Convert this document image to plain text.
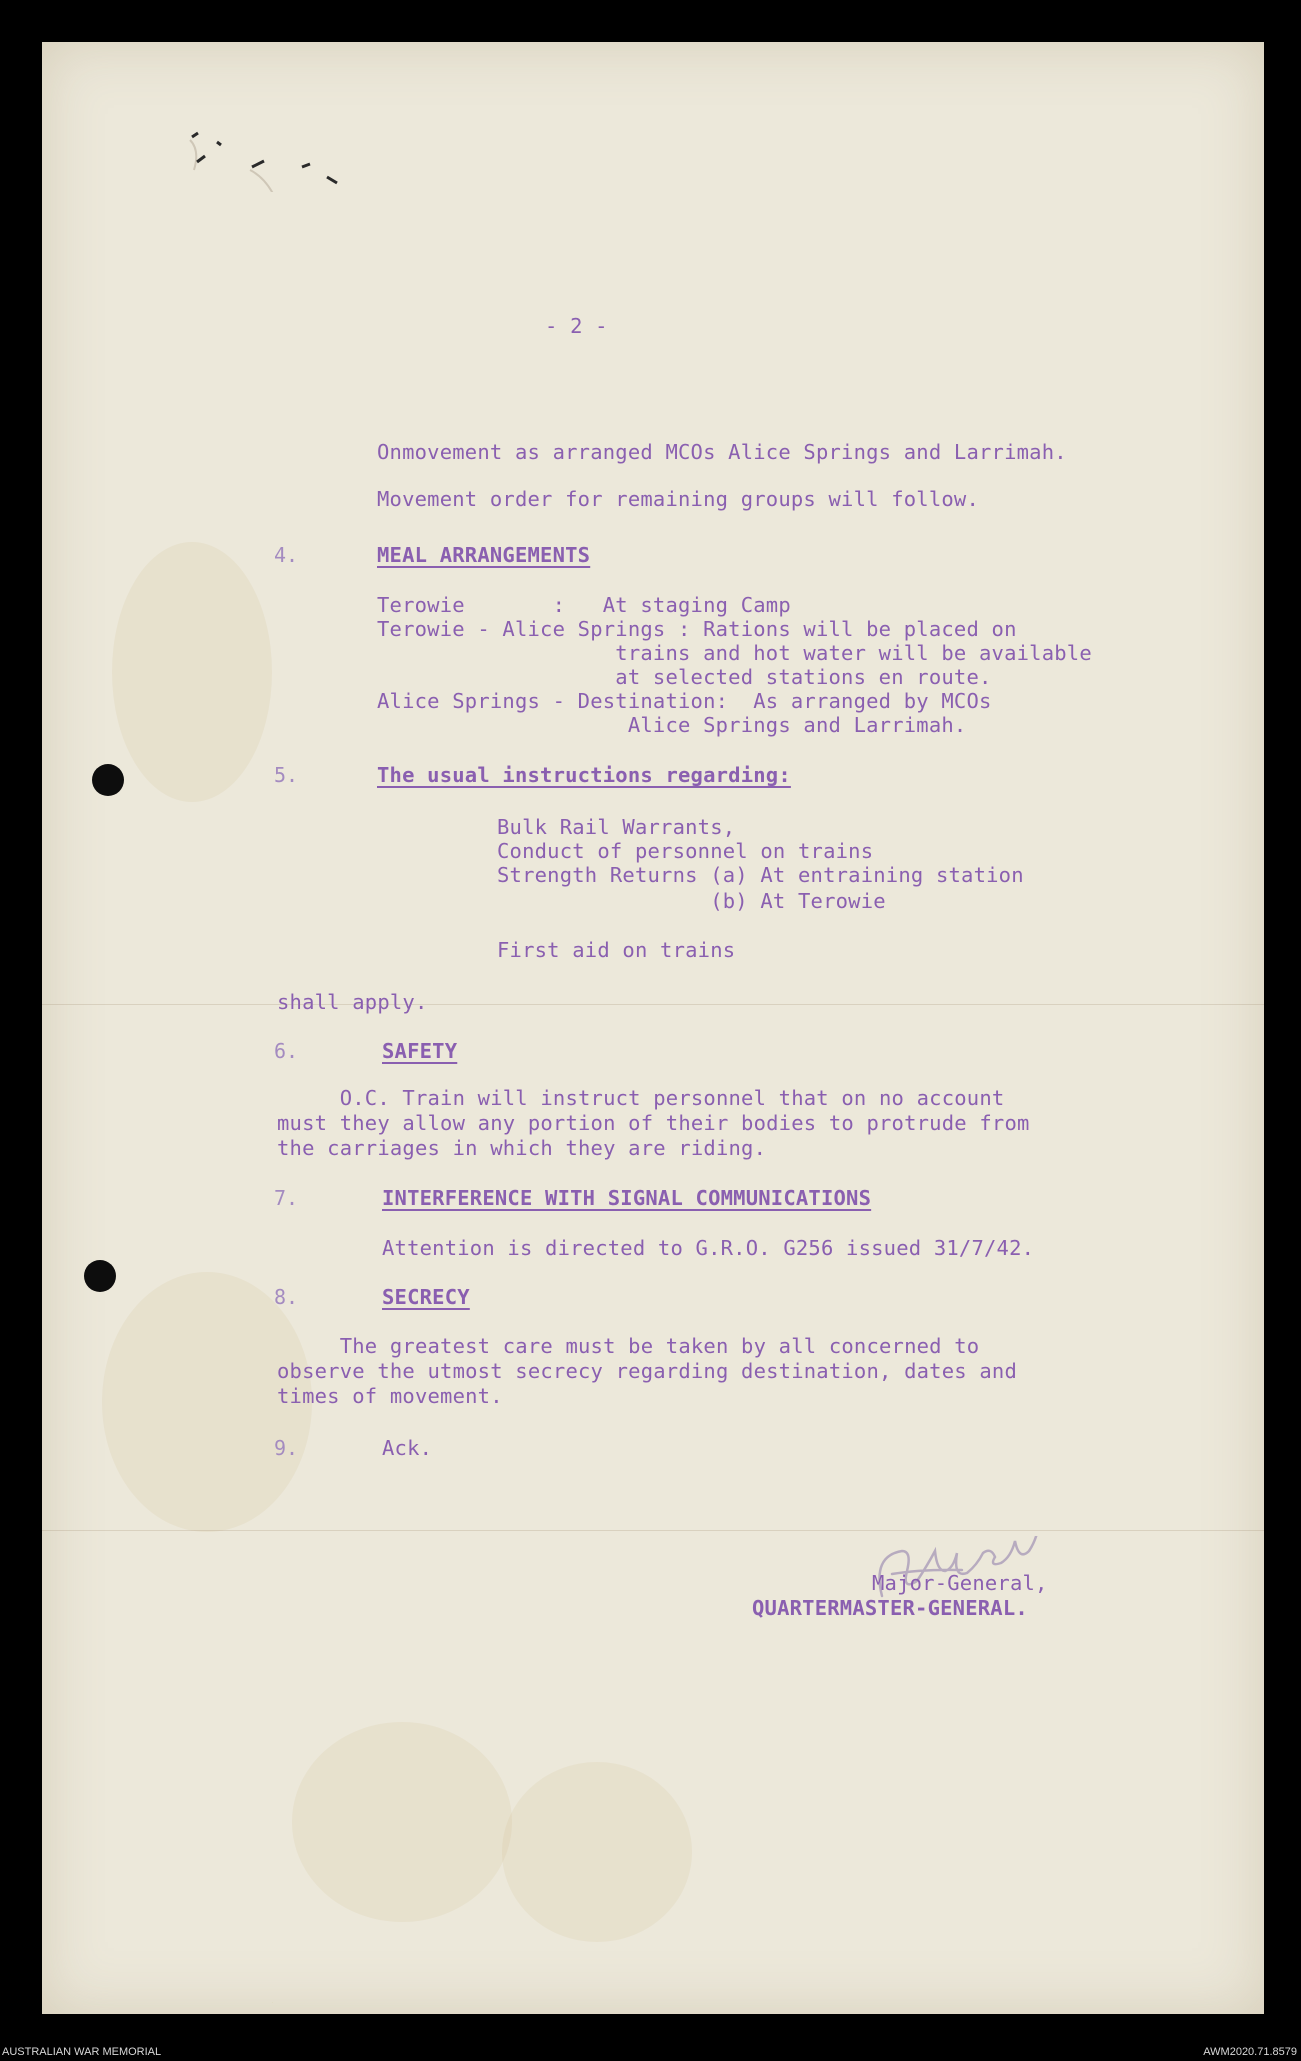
- 2 -
Onmovement as arranged MCOs Alice Springs and Larrimah.
Movement order for remaining groups will follow.
4.	MEAL ARRANGEMENTS
Terowie       :   At staging Camp
Terowie - Alice Springs : Rations will be placed on
trains and hot water will be available
at selected stations en route.
Alice Springs - Destination:  As arranged by MCOs
Alice Springs and Larrimah.
5.	The usual instructions regarding:
Bulk Rail Warrants,
Conduct of personnel on trains
Strength Returns (a) At entraining station
(b) At Terowie
First aid on trains
shall apply.
6.	SAFETY
O.C. Train will instruct personnel that on no account
must they allow any portion of their bodies to protrude from
the carriages in which they are riding.
7.	INTERFERENCE WITH SIGNAL COMMUNICATIONS
Attention is directed to G.R.O. G256 issued 31/7/42.
8.	SECRECY
The greatest care must be taken by all concerned to
observe the utmost secrecy regarding destination, dates and
times of movement.
9.	Ack.
Major-General,
QUARTERMASTER-GENERAL.
AUSTRALIAN WAR MEMORIAL	AWM2020.71.8579
